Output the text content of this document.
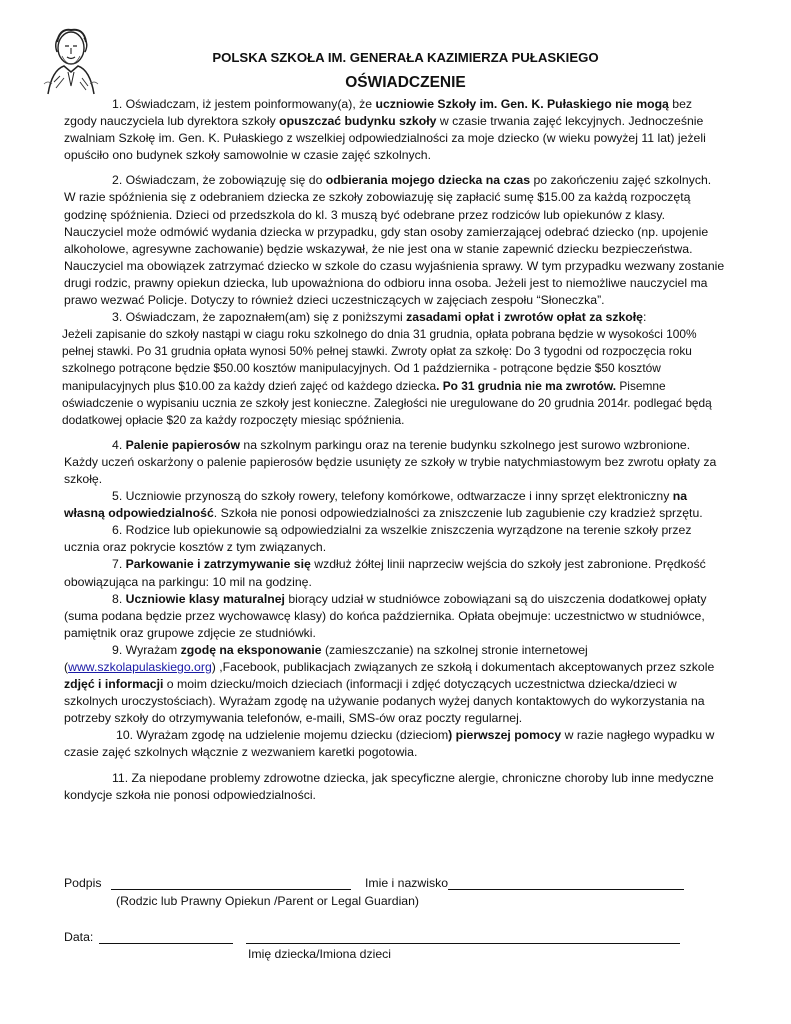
POLSKA SZKOŁA IM. GENERAŁA KAZIMIERZA PUŁASKIEGO
OŚWIADCZENIE

1. Oświadczam, iż jestem poinformowany(a), że uczniowie Szkoły im. Gen. K. Pułaskiego nie mogą bez zgody nauczyciela lub dyrektora szkoły opuszczać budynku szkoły w czasie trwania zajęć lekcyjnych. Jednocześnie zwalniam Szkołę im. Gen. K. Pułaskiego z wszelkiej odpowiedzialności za moje dziecko (w wieku powyżej 11 lat) jeżeli opuściło ono budynek szkoły samowolnie w czasie zajęć szkolnych.

2. Oświadczam, że zobowiązuję się do odbierania mojego dziecka na czas po zakończeniu zajęć szkolnych. W razie spóźnienia się z odebraniem dziecka ze szkoły zobowiazuję się zapłacić sumę $15.00 za każdą rozpoczętą godzinę spóźnienia. Dzieci od przedszkola do kl. 3 muszą być odebrane przez rodziców lub opiekunów z klasy. Nauczyciel może odmówić wydania dziecka w przypadku, gdy stan osoby zamierzającej odebrać dziecko (np. upojenie alkoholowe, agresywne zachowanie) będzie wskazywał, że nie jest ona w stanie zapewnić dziecku bezpieczeństwa. Nauczyciel ma obowiązek zatrzymać dziecko w szkole do czasu wyjaśnienia sprawy. W tym przypadku wezwany zostanie drugi rodzic, prawny opiekun dziecka, lub upoważniona do odbioru inna osoba. Jeżeli jest to niemożliwe nauczyciel ma prawo wezwać Policje. Dotyczy to również dzieci uczestniczących w zajęciach zespołu “Słoneczka”.

3. Oświadczam, że zapoznałem(am) się z poniższymi zasadami opłat i zwrotów opłat za szkołę:
Jeżeli zapisanie do szkoły nastąpi w ciagu roku szkolnego do dnia 31 grudnia, opłata pobrana będzie w wysokości 100% pełnej stawki. Po 31 grudnia opłata wynosi 50% pełnej stawki. Zwroty opłat za szkołę: Do 3 tygodni od rozpoczęcia roku szkolnego potrącone będzie $50.00 kosztów manipulacyjnych. Od 1 października - potrącone będzie $50 kosztów manipulacyjnych plus $10.00 za każdy dzień zajęć od każdego dziecka. Po 31 grudnia nie ma zwrotów. Pisemne oświadczenie o wypisaniu ucznia ze szkoły jest konieczne. Zaległości nie uregulowane do 20 grudnia 2014r. podlegać będą dodatkowej opłacie $20 za każdy rozpoczęty miesiąc spóźnienia.

4. Palenie papierosów na szkolnym parkingu oraz na terenie budynku szkolnego jest surowo wzbronione. Każdy uczeń oskarżony o palenie papierosów będzie usunięty ze szkoły w trybie natychmiastowym bez zwrotu opłaty za szkołę.

5. Uczniowie przynoszą do szkoły rowery, telefony komórkowe, odtwarzacze i inny sprzęt elektroniczny na własną odpowiedzialność. Szkoła nie ponosi odpowiedzialności za zniszczenie lub zagubienie czy kradzież sprzętu.

6. Rodzice lub opiekunowie są odpowiedzialni za wszelkie zniszczenia wyrządzone na terenie szkoły przez ucznia oraz pokrycie kosztów z tym związanych.

7. Parkowanie i zatrzymywanie się wzdłuż żółtej linii naprzeciw wejścia do szkoły jest zabronione. Prędkość obowiązująca na parkingu: 10 mil na godzinę.

8. Uczniowie klasy maturalnej biorący udział w studniówce zobowiązani są do uiszczenia dodatkowej opłaty (suma podana będzie przez wychowawcę klasy) do końca października. Opłata obejmuje: uczestnictwo w studniówce, pamiętnik oraz grupowe zdjęcie ze studniówki.

9. Wyrażam zgodę na eksponowanie (zamieszczanie) na szkolnej stronie internetowej (www.szkolapulaskiego.org) ,Facebook, publikacjach związanych ze szkołą i dokumentach akceptowanych przez szkole zdjęć i informacji o moim dziecku/moich dzieciach (informacji i zdjęć dotyczących uczestnictwa dziecka/dzieci w szkolnych uroczystościach). Wyrażam zgodę na używanie podanych wyżej danych kontaktowych do wykorzystania na potrzeby szkoły do otrzymywania telefonów, e-maili, SMS-ów oraz poczty regularnej.

10. Wyrażam zgodę na udzielenie mojemu dziecku (dzieciom) pierwszej pomocy w razie nagłego wypadku w czasie zajęć szkolnych włącznie z wezwaniem karetki pogotowia.

11. Za niepodane problemy zdrowotne dziecka, jak specyficzne alergie, chroniczne choroby lub inne medyczne kondycje szkoła nie ponosi odpowiedzialności.

Podpis	Imie i nazwisko
(Rodzic lub Prawny Opiekun /Parent or Legal Guardian)
Data:
Imię dziecka/Imiona dzieci
